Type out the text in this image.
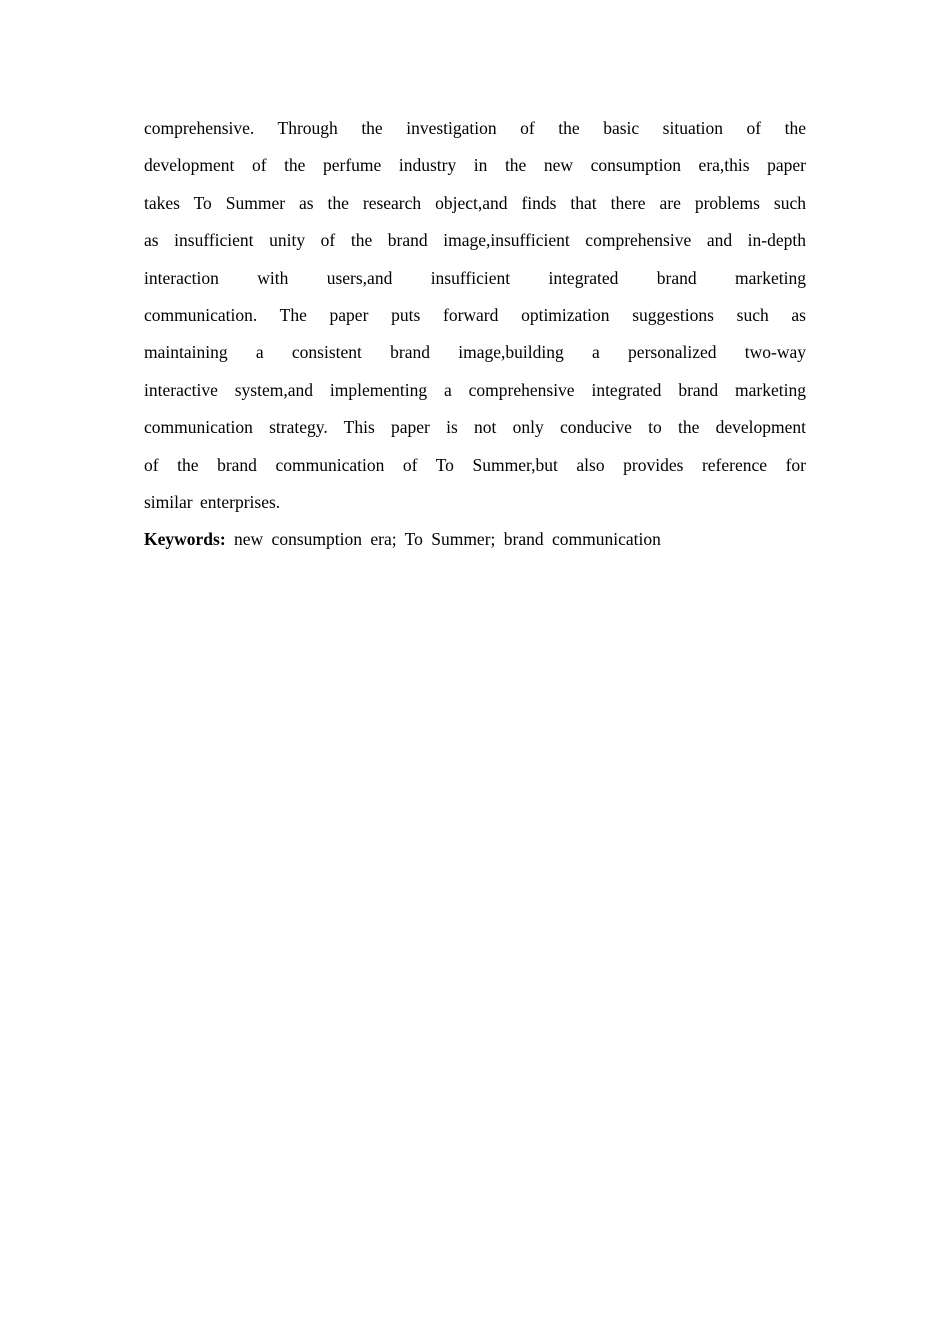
comprehensive. Through the investigation of the basic situation of the
development of the perfume industry in the new consumption era,this paper
takes To Summer as the research object,and finds that there are problems such
as insufficient unity of the brand image,insufficient comprehensive and in-depth
interaction with users,and insufficient integrated brand marketing
communication. The paper puts forward optimization suggestions such as
maintaining a consistent brand image,building a personalized two-way
interactive system,and implementing a comprehensive integrated brand marketing
communication strategy. This paper is not only conducive to the development
of the brand communication of To Summer,but also provides reference for
similar enterprises.
Keywords: new consumption era; To Summer; brand communication
